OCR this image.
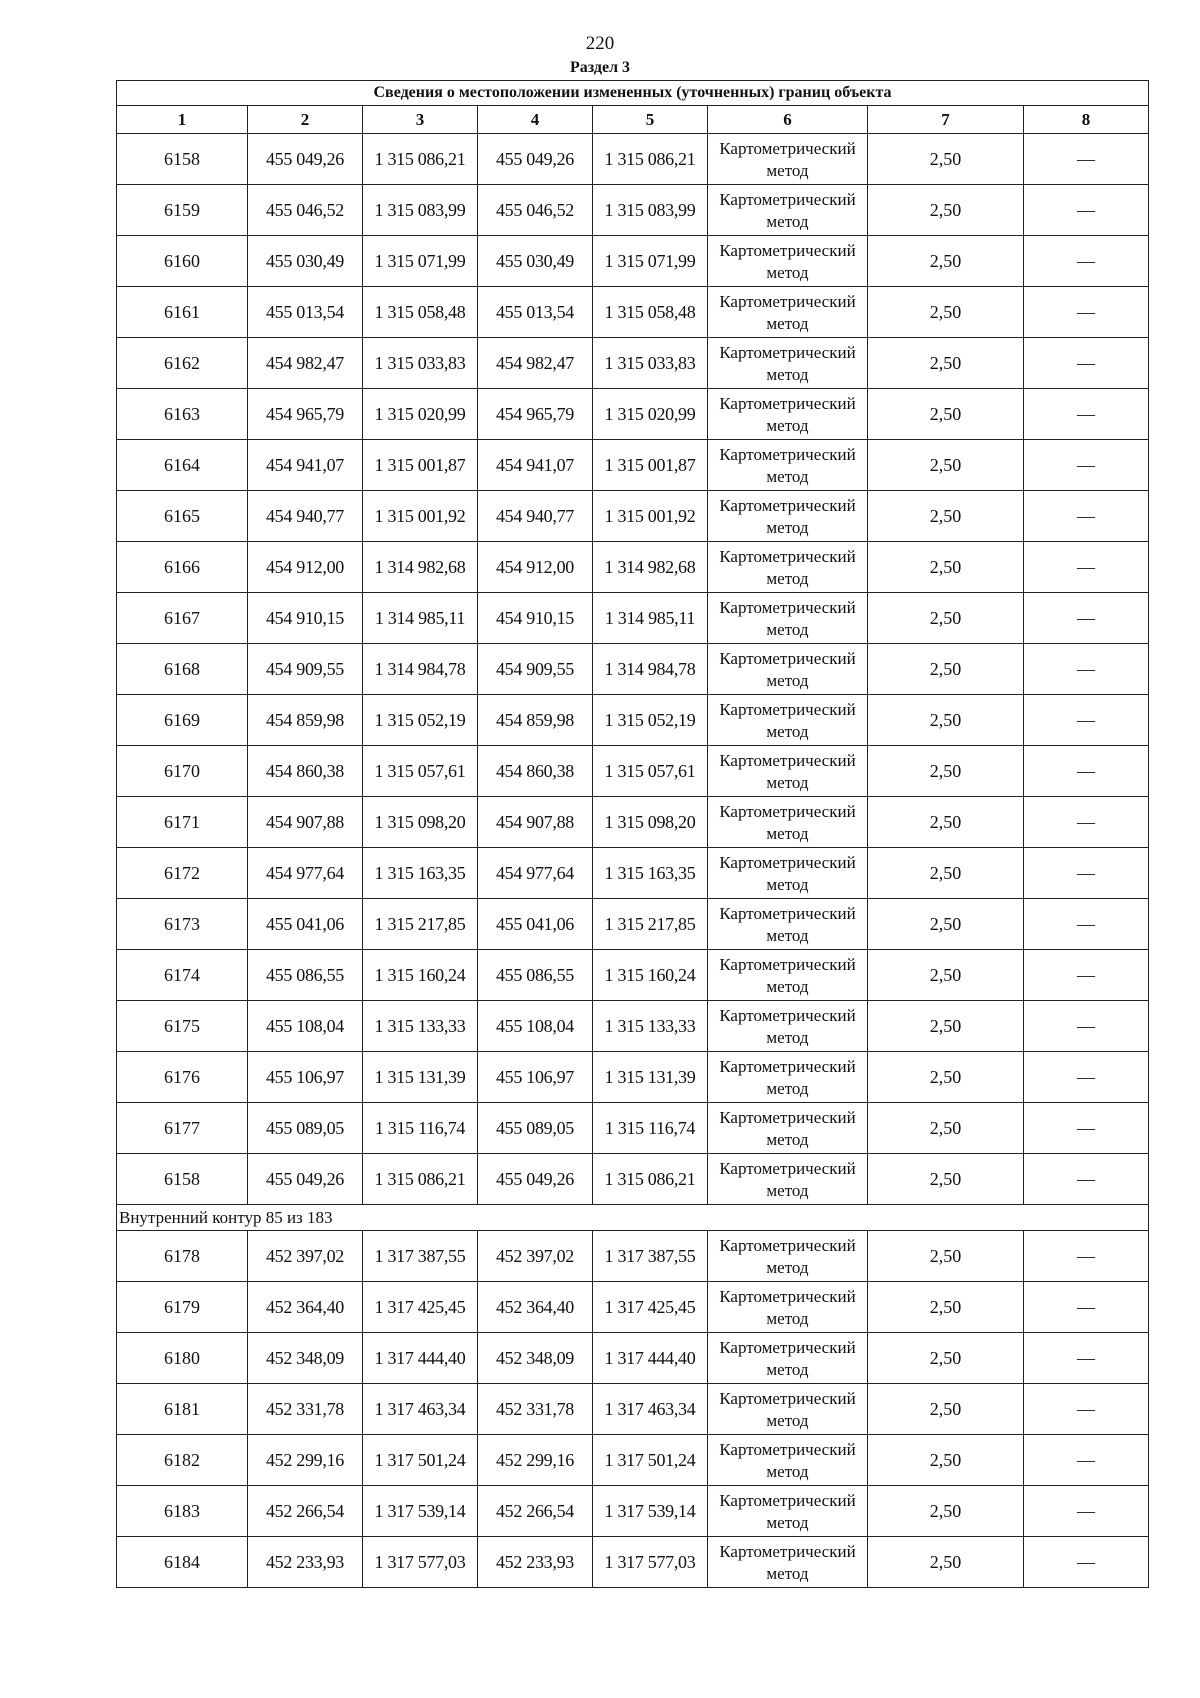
220
Раздел 3
Сведения о местоположении измененных (уточненных) границ объекта							
1	2	3	4	5	6	7	8
6158	455 049,26	1 315 086,21	455 049,26	1 315 086,21	Картометрический метод	2,50	—
6159	455 046,52	1 315 083,99	455 046,52	1 315 083,99	Картометрический метод	2,50	—
6160	455 030,49	1 315 071,99	455 030,49	1 315 071,99	Картометрический метод	2,50	—
6161	455 013,54	1 315 058,48	455 013,54	1 315 058,48	Картометрический метод	2,50	—
6162	454 982,47	1 315 033,83	454 982,47	1 315 033,83	Картометрический метод	2,50	—
6163	454 965,79	1 315 020,99	454 965,79	1 315 020,99	Картометрический метод	2,50	—
6164	454 941,07	1 315 001,87	454 941,07	1 315 001,87	Картометрический метод	2,50	—
6165	454 940,77	1 315 001,92	454 940,77	1 315 001,92	Картометрический метод	2,50	—
6166	454 912,00	1 314 982,68	454 912,00	1 314 982,68	Картометрический метод	2,50	—
6167	454 910,15	1 314 985,11	454 910,15	1 314 985,11	Картометрический метод	2,50	—
6168	454 909,55	1 314 984,78	454 909,55	1 314 984,78	Картометрический метод	2,50	—
6169	454 859,98	1 315 052,19	454 859,98	1 315 052,19	Картометрический метод	2,50	—
6170	454 860,38	1 315 057,61	454 860,38	1 315 057,61	Картометрический метод	2,50	—
6171	454 907,88	1 315 098,20	454 907,88	1 315 098,20	Картометрический метод	2,50	—
6172	454 977,64	1 315 163,35	454 977,64	1 315 163,35	Картометрический метод	2,50	—
6173	455 041,06	1 315 217,85	455 041,06	1 315 217,85	Картометрический метод	2,50	—
6174	455 086,55	1 315 160,24	455 086,55	1 315 160,24	Картометрический метод	2,50	—
6175	455 108,04	1 315 133,33	455 108,04	1 315 133,33	Картометрический метод	2,50	—
6176	455 106,97	1 315 131,39	455 106,97	1 315 131,39	Картометрический метод	2,50	—
6177	455 089,05	1 315 116,74	455 089,05	1 315 116,74	Картометрический метод	2,50	—
6158	455 049,26	1 315 086,21	455 049,26	1 315 086,21	Картометрический метод	2,50	—
Внутренний контур 85 из 183							
6178	452 397,02	1 317 387,55	452 397,02	1 317 387,55	Картометрический метод	2,50	—
6179	452 364,40	1 317 425,45	452 364,40	1 317 425,45	Картометрический метод	2,50	—
6180	452 348,09	1 317 444,40	452 348,09	1 317 444,40	Картометрический метод	2,50	—
6181	452 331,78	1 317 463,34	452 331,78	1 317 463,34	Картометрический метод	2,50	—
6182	452 299,16	1 317 501,24	452 299,16	1 317 501,24	Картометрический метод	2,50	—
6183	452 266,54	1 317 539,14	452 266,54	1 317 539,14	Картометрический метод	2,50	—
6184	452 233,93	1 317 577,03	452 233,93	1 317 577,03	Картометрический метод	2,50	—
